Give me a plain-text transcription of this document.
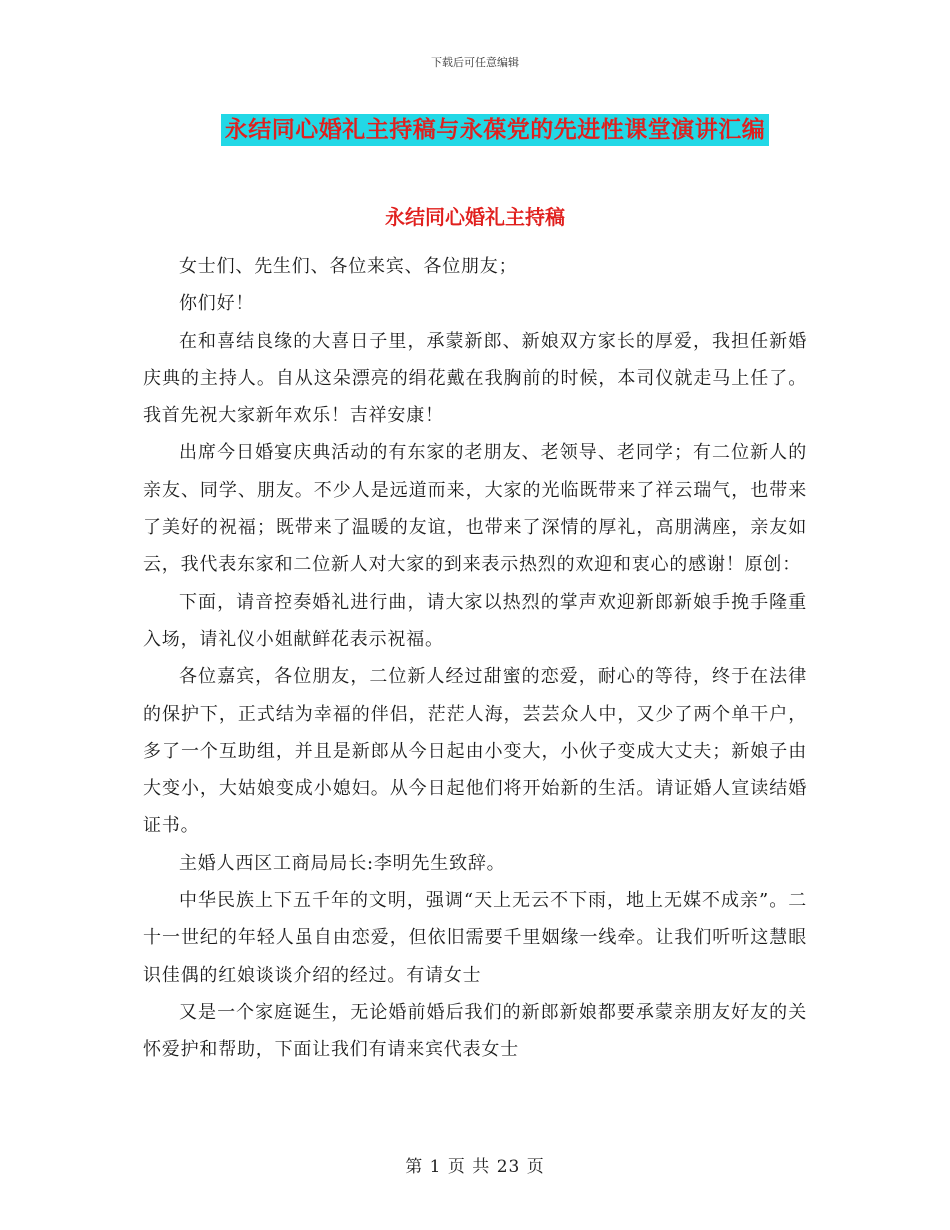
下载后可任意编辑
永结同心婚礼主持稿与永葆党的先进性课堂演讲汇编
永结同心婚礼主持稿

女士们、先生们、各位来宾、各位朋友；

你们好！

在和喜结良缘的大喜日子里，承蒙新郎、新娘双方家长的厚爱，我担任新婚庆典的主持人。自从这朵漂亮的绢花戴在我胸前的时候，本司仪就走马上任了。我首先祝大家新年欢乐！吉祥安康！

出席今日婚宴庆典活动的有东家的老朋友、老领导、老同学；有二位新人的亲友、同学、朋友。不少人是远道而来，大家的光临既带来了祥云瑞气，也带来了美好的祝福；既带来了温暖的友谊，也带来了深情的厚礼，高朋满座，亲友如云，我代表东家和二位新人对大家的到来表示热烈的欢迎和衷心的感谢！原创：

下面，请音控奏婚礼进行曲，请大家以热烈的掌声欢迎新郎新娘手挽手隆重入场，请礼仪小姐献鲜花表示祝福。

各位嘉宾，各位朋友，二位新人经过甜蜜的恋爱，耐心的等待，终于在法律的保护下，正式结为幸福的伴侣，茫茫人海，芸芸众人中，又少了两个单干户，多了一个互助组，并且是新郎从今日起由小变大，小伙子变成大丈夫；新娘子由大变小，大姑娘变成小媳妇。从今日起他们将开始新的生活。请证婚人宣读结婚证书。

主婚人西区工商局局长:李明先生致辞。

中华民族上下五千年的文明，强调“天上无云不下雨，地上无媒不成亲”。二十一世纪的年轻人虽自由恋爱，但依旧需要千里姻缘一线牵。让我们听听这慧眼识佳偶的红娘谈谈介绍的经过。有请女士

又是一个家庭诞生，无论婚前婚后我们的新郎新娘都要承蒙亲朋友好友的关怀爱护和帮助，下面让我们有请来宾代表女士

第 1 页 共 23 页
